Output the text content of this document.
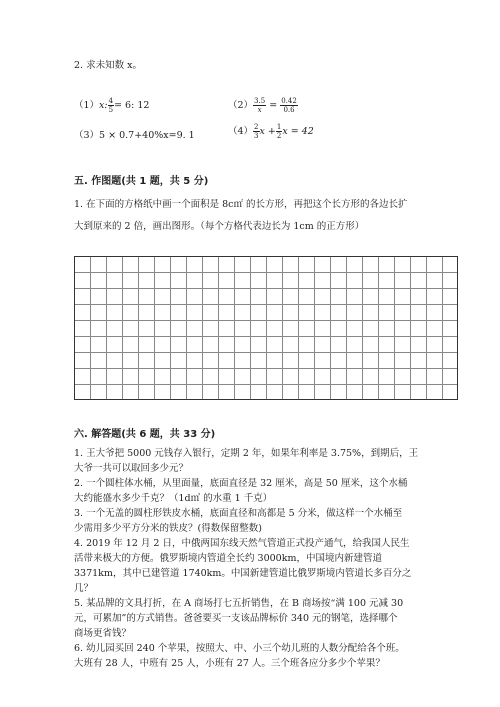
2. 求未知数 x。
（1）x: $\frac{4}{5} = 6$: 12	$(2) \frac{3.5}{x} = \frac{0.42}{0.6}$
（3）5 × 0.7+40%x=9. 1	$(4) \frac{2}{3}$ $x + \frac{1}{2}$ x = 42
五. 作图题(共 1 题，共 5 分)
1. 在下面的方格纸中画一个面积是 8c㎡ 的长方形，再把这个长方形的各边长扩
大到原来的 2 倍，画出图形。（每个方格代表边长为 1cm 的正方形）
六. 解答题(共 6 题，共 33 分)
1. 王大爷把 5000 元钱存入银行，定期 2 年，如果年利率是 3.75%，到期后，王
大爷一共可以取回多少元？
2. 一个圆柱体水桶，从里面量，底面直径是 32 厘米，高是 50 厘米，这个水桶
大约能盛水多少千克？（1d㎥ 的水重 1 千克）
3. 一个无盖的圆柱形铁皮水桶，底面直径和高都是 5 分米，做这样一个水桶至
少需用多少平方分米的铁皮？(得数保留整数)
4. 2019 年 12 月 2 日，中俄两国东线天然气管道正式投产通气，给我国人民生
活带来极大的方便。俄罗斯境内管道全长约 3000km，中国境内新建管道
3371km，其中已建管道 1740km。中国新建管道比俄罗斯境内管道长多百分之
几？
5. 某品牌的文具打折，在 A 商场打七五折销售，在 B 商场按“满 100 元减 30
元，可累加”的方式销售。爸爸要买一支该品牌标价 340 元的钢笔，选择哪个
商场更省钱？
6. 幼儿园买回 240 个苹果，按照大、中、小三个幼儿班的人数分配给各个班。
大班有 28 人，中班有 25 人，小班有 27 人。三个班各应分多少个苹果？
